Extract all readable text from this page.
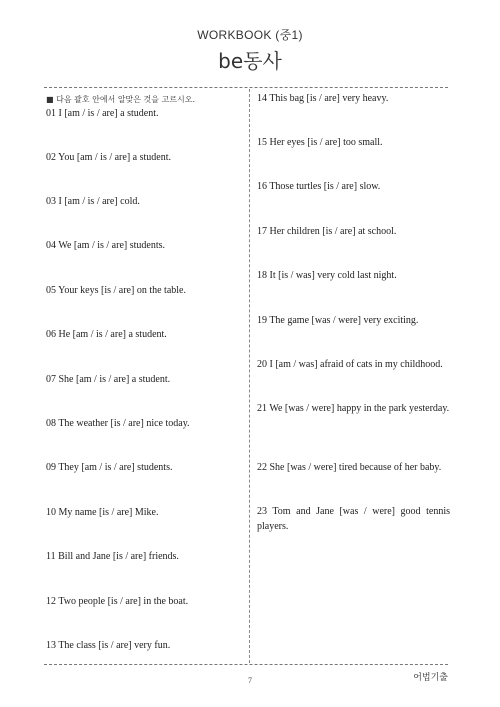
WORKBOOK (중1)
be동사
■ 다음 괄호 안에서 알맞은 것을 고르시오.
01 I [am / is / are] a student.
02 You [am / is / are] a student.
03 I [am / is / are] cold.
04 We [am / is / are] students.
05 Your keys [is / are] on the table.
06 He [am / is / are] a student.
07 She [am / is / are] a student.
08 The weather [is / are] nice today.
09 They [am / is / are] students.
10 My name [is / are] Mike.
11 Bill and Jane [is / are] friends.
12 Two people [is / are] in the boat.
13 The class [is / are] very fun.
14 This bag [is / are] very heavy.
15 Her eyes [is / are] too small.
16 Those turtles [is / are] slow.
17 Her children [is / are] at school.
18 It [is / was] very cold last night.
19 The game [was / were] very exciting.
20 I [am / was] afraid of cats in my childhood.
21 We [was / were] happy in the park yesterday.
22 She [was / were] tired because of her baby.
23 Tom and Jane [was / were] good tennis players.
어법기출
7
